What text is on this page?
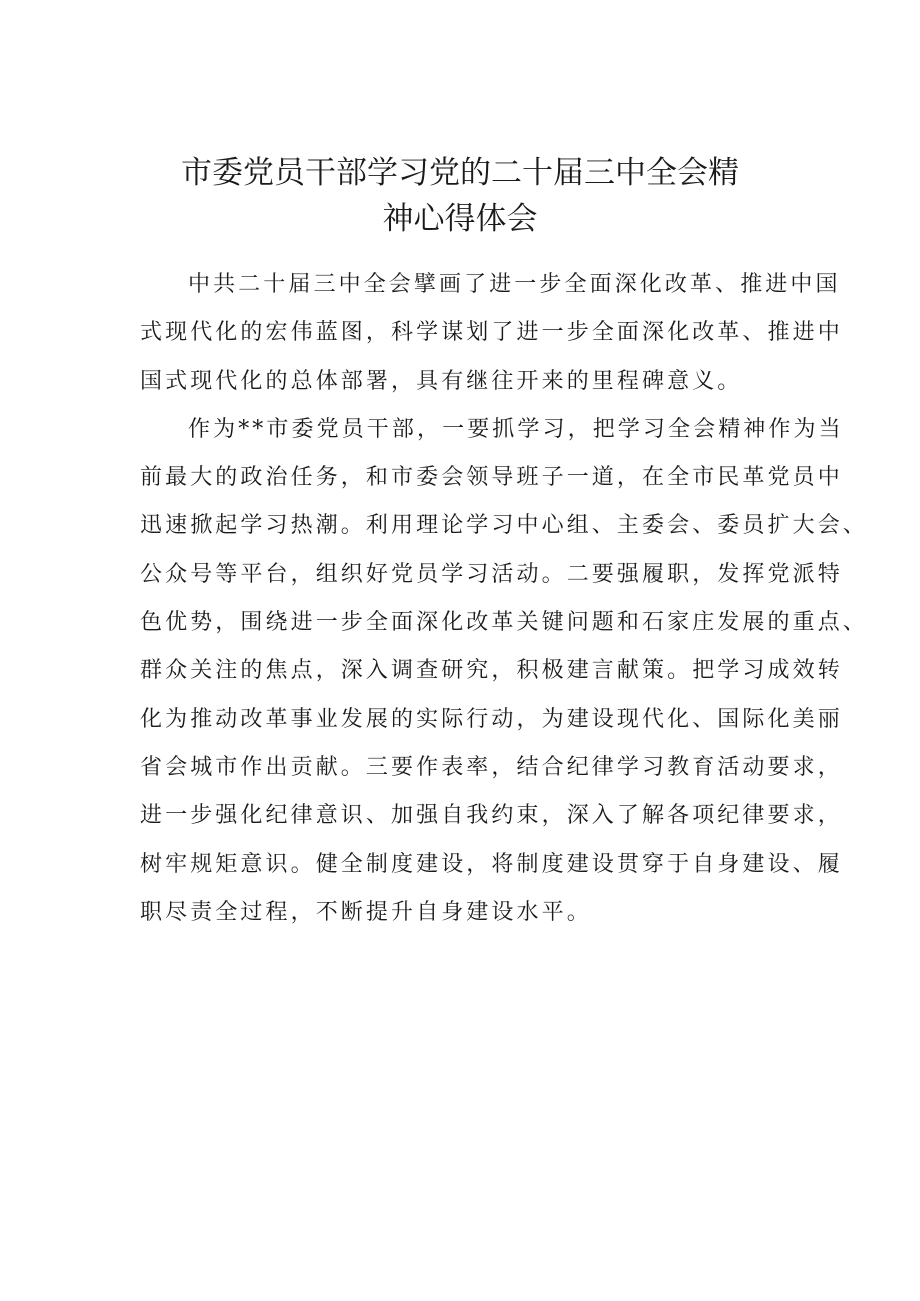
市委党员干部学习党的二十届三中全会精
神心得体会
中共二十届三中全会擘画了进一步全面深化改革、推进中国
式现代化的宏伟蓝图，科学谋划了进一步全面深化改革、推进中
国式现代化的总体部署，具有继往开来的里程碑意义。
作为**市委党员干部，一要抓学习，把学习全会精神作为当
前最大的政治任务，和市委会领导班子一道，在全市民革党员中
迅速掀起学习热潮。利用理论学习中心组、主委会、委员扩大会、
公众号等平台，组织好党员学习活动。二要强履职，发挥党派特
色优势，围绕进一步全面深化改革关键问题和石家庄发展的重点、
群众关注的焦点，深入调查研究，积极建言献策。把学习成效转
化为推动改革事业发展的实际行动，为建设现代化、国际化美丽
省会城市作出贡献。三要作表率，结合纪律学习教育活动要求，
进一步强化纪律意识、加强自我约束，深入了解各项纪律要求，
树牢规矩意识。健全制度建设，将制度建设贯穿于自身建设、履
职尽责全过程，不断提升自身建设水平。
